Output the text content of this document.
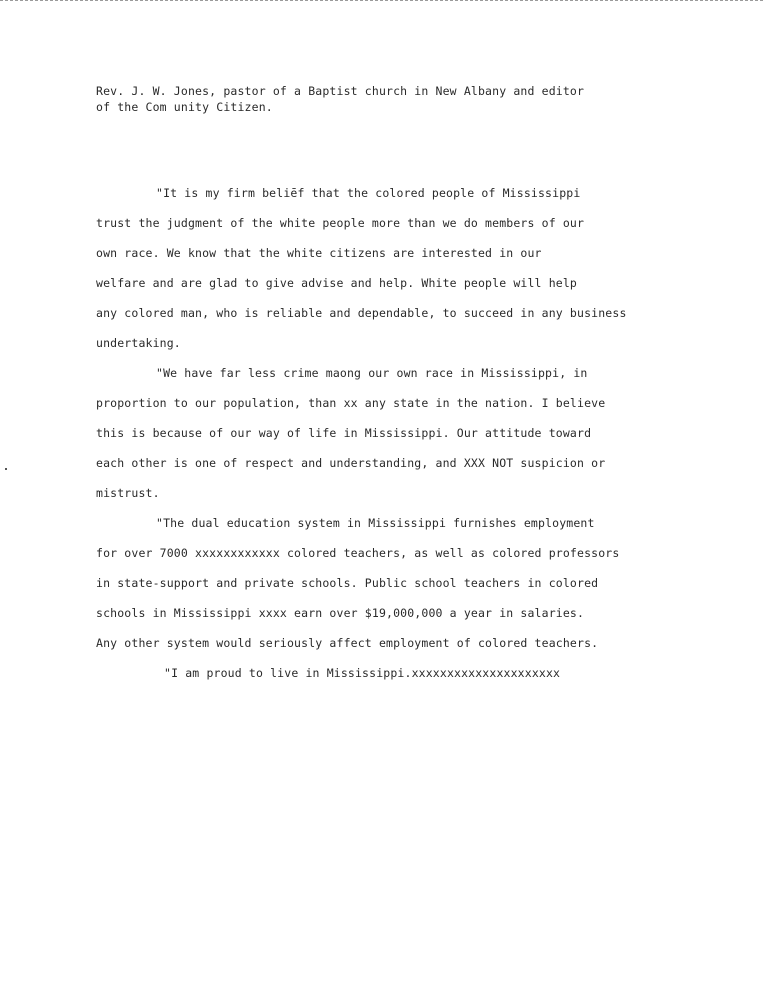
Rev. J. W. Jones, pastor of a Baptist church in New Albany and editor
of the Com unity Citizen.
"It is my firm beliēf that the colored people of Mississippi
trust the judgment of the white people more than we do members of our
own race. We know that the white citizens are interested in our
welfare and are glad to give advise and help. White people will help
any colored man, who is reliable and dependable, to succeed in any business
undertaking.
"We have far less crime maong our own race in Mississippi, in
proportion to our population, than xx any state in the nation. I believe
this is because of our way of life in Mississippi. Our attitude toward
each other is one of respect and understanding, and XXX NOT suspicion or
mistrust.
"The dual education system in Mississippi furnishes employment
for over 7000 xxxxxxxxxxxx colored teachers, as well as colored professors
in state-support and private schools. Public school teachers in colored
schools in Mississippi xxxx earn over $19,000,000 a year in salaries.
Any other system would seriously affect employment of colored teachers.
"I am proud to live in Mississippi.xxxxxxxxxxxxxxxxxxxxx
